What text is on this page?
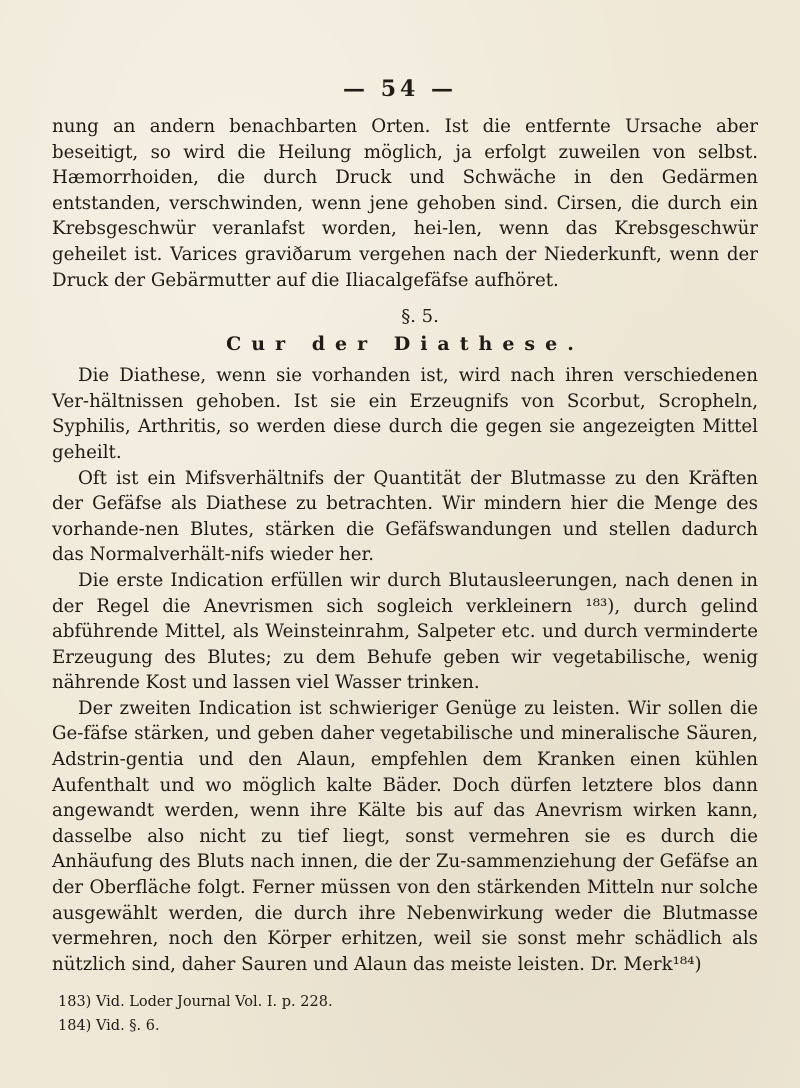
— 54 —

nung an andern benachbarten Orten. Ist die entfernte Ursache aber beseitigt, so wird die Heilung möglich, ja erfolgt zuweilen von selbst. Hæmorrhoiden, die durch Druck und Schwäche in den Gedärmen entstanden, verschwinden, wenn jene gehoben sind. Cirsen, die durch ein Krebsgeschwür veranlafst worden, hei-len, wenn das Krebsgeschwür geheilet ist. Varices graviðarum vergehen nach der Niederkunft, wenn der Druck der Gebärmutter auf die Iliacalgefäfse aufhöret.

§. 5.
Cur der Diathese.

Die Diathese, wenn sie vorhanden ist, wird nach ihren verschiedenen Ver-hältnissen gehoben. Ist sie ein Erzeugnifs von Scorbut, Scropheln, Syphilis, Arthritis, so werden diese durch die gegen sie angezeigten Mittel geheilt.

Oft ist ein Mifsverhältnifs der Quantität der Blutmasse zu den Kräften der Gefäfse als Diathese zu betrachten. Wir mindern hier die Menge des vorhande-nen Blutes, stärken die Gefäfswandungen und stellen dadurch das Normalverhält-nifs wieder her.

Die erste Indication erfüllen wir durch Blutausleerungen, nach denen in der Regel die Anevrismen sich sogleich verkleinern ¹⁸³), durch gelind abführende Mittel, als Weinsteinrahm, Salpeter etc. und durch verminderte Erzeugung des Blutes; zu dem Behufe geben wir vegetabilische, wenig nährende Kost und lassen viel Wasser trinken.

Der zweiten Indication ist schwieriger Genüge zu leisten. Wir sollen die Ge-fäfse stärken, und geben daher vegetabilische und mineralische Säuren, Adstrin-gentia und den Alaun, empfehlen dem Kranken einen kühlen Aufenthalt und wo möglich kalte Bäder. Doch dürfen letztere blos dann angewandt werden, wenn ihre Kälte bis auf das Anevrism wirken kann, dasselbe also nicht zu tief liegt, sonst vermehren sie es durch die Anhäufung des Bluts nach innen, die der Zu-sammenziehung der Gefäfse an der Oberfläche folgt. Ferner müssen von den stärkenden Mitteln nur solche ausgewählt werden, die durch ihre Nebenwirkung weder die Blutmasse vermehren, noch den Körper erhitzen, weil sie sonst mehr schädlich als nützlich sind, daher Sauren und Alaun das meiste leisten. Dr. Merk¹⁸⁴)

183) Vid. Loder Journal Vol. I. p. 228.

184) Vid. §. 6.
